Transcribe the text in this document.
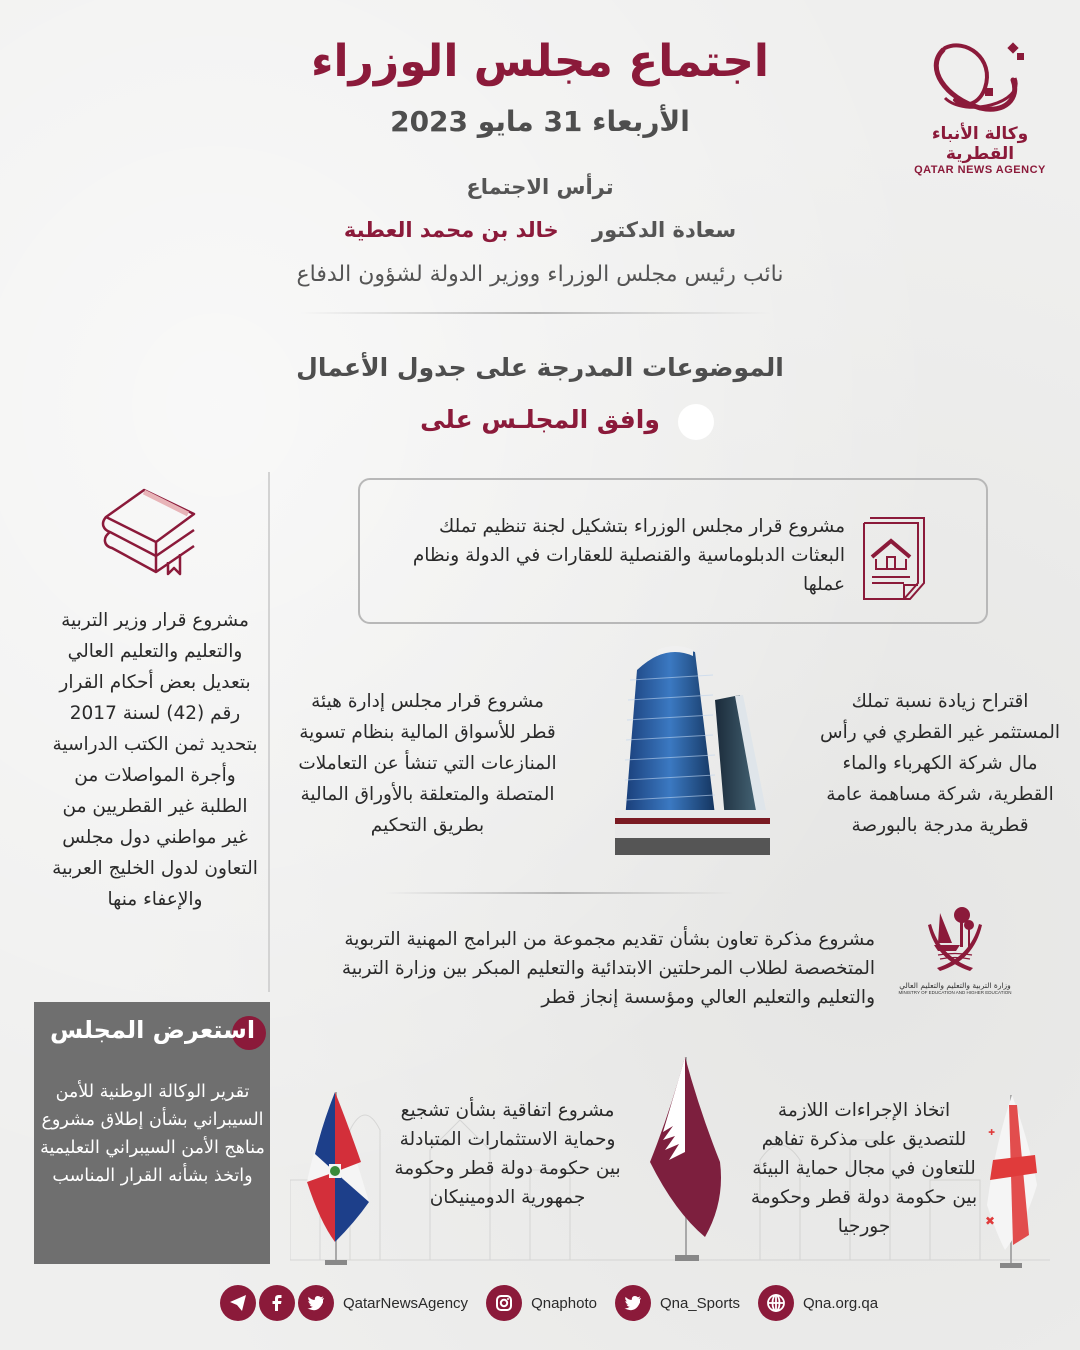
اجتماع مجلس الوزراء
الأربعاء 31 مايو 2023	وكالة الأنباء القطرية
QATAR NEWS AGENCY
ترأس الاجتماع
سعادة الدكتور خالد بن محمد العطية
نائب رئيس مجلس الوزراء ووزير الدولة لشؤون الدفاع
الموضوعات المدرجة على جدول الأعمال
وافق المجلـس على
مشروع قرار وزير التربية والتعليم والتعليم العالي بتعديل بعض أحكام القرار رقم (42) لسنة 2017 بتحديد ثمن الكتب الدراسية وأجرة المواصلات من الطلبة غير القطريين من غير مواطني دول مجلس التعاون لدول الخليج العربية والإعفاء منها
مشروع قرار مجلس الوزراء بتشكيل لجنة تنظيم تملك البعثات الدبلوماسية والقنصلية للعقارات في الدولة ونظام عملها
مشروع قرار مجلس إدارة هيئة قطر للأسواق المالية بنظام تسوية المنازعات التي تنشأ عن التعاملات المتصلة والمتعلقة بالأوراق المالية بطريق التحكيم
اقتراح زيادة نسبة تملك المستثمر غير القطري في رأس مال شركة الكهرباء والماء القطرية، شركة مساهمة عامة قطرية مدرجة بالبورصة
وزارة التربية والتعليم والتعليم العالي
MINISTRY OF EDUCATION AND HIGHER EDUCATION
مشروع مذكرة تعاون بشأن تقديم مجموعة من البرامج المهنية التربوية المتخصصة لطلاب المرحلتين الابتدائية والتعليم المبكر بين وزارة التربية والتعليم والتعليم العالي ومؤسسة إنجاز قطر
استعرض المجلس
تقرير الوكالة الوطنية للأمن السيبراني بشأن إطلاق مشروع مناهج الأمن السيبراني التعليمية واتخذ بشأنه القرار المناسب
✖
✚
مشروع اتفاقية بشأن تشجيع وحماية الاستثمارات المتبادلة بين حكومة دولة قطر وحكومة جمهورية الدومينيكان
اتخاذ الإجراءات اللازمة للتصديق على مذكرة تفاهم للتعاون في مجال حماية البيئة بين حكومة دولة قطر وحكومة جورجيا
QatarNewsAgency	Qnaphoto	Qna_Sports	Qna.org.qa
